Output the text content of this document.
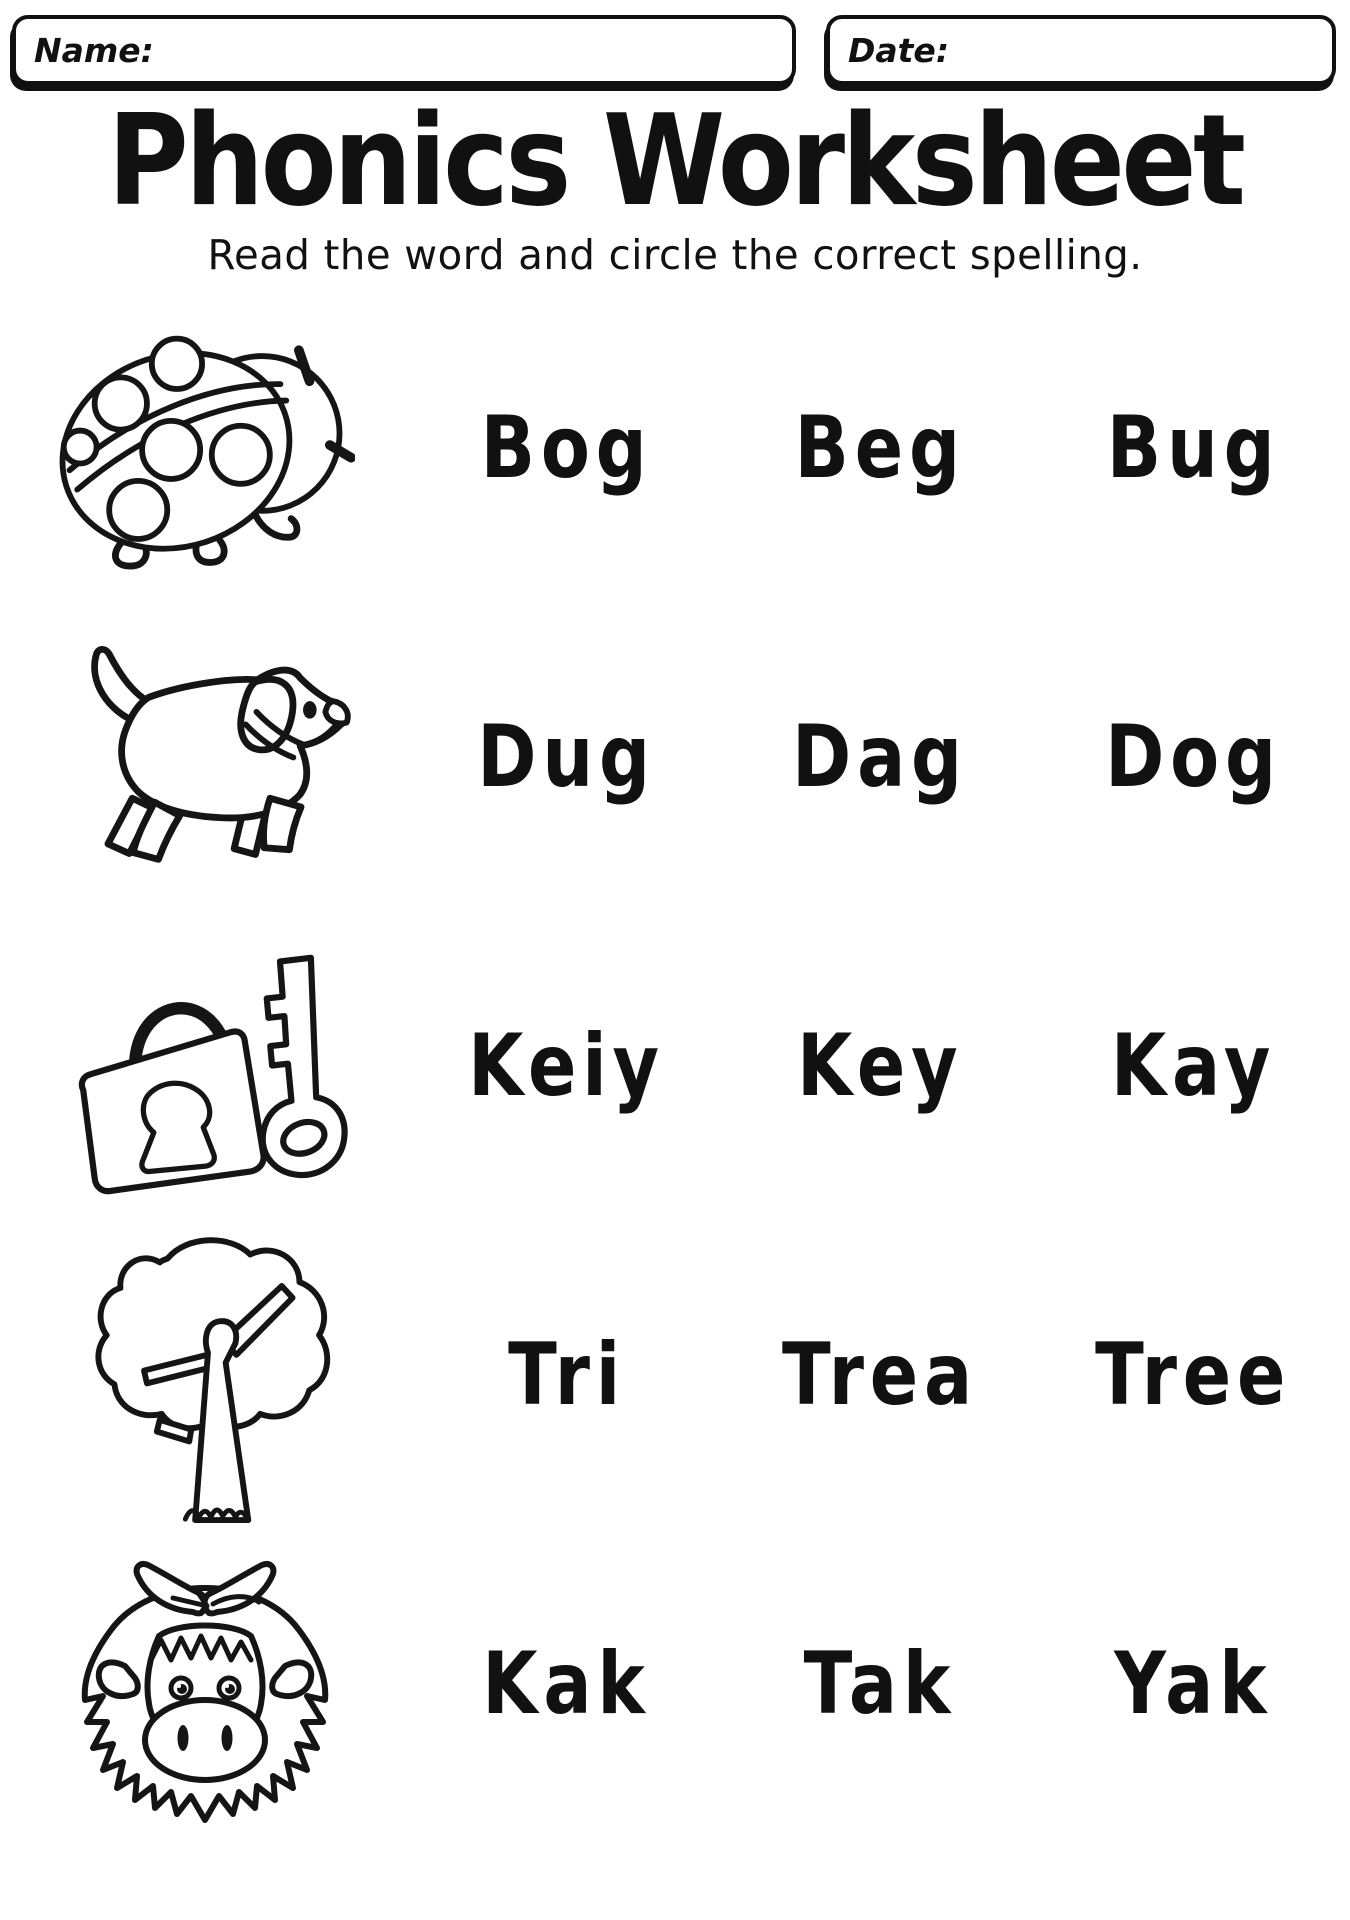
Name:	Date:
Phonics Worksheet
Read the word and circle the correct spelling.
Bog Beg Bug
Dug Dag Dog
Keiy Key Kay
Tri Trea Tree
Kak Tak Yak
